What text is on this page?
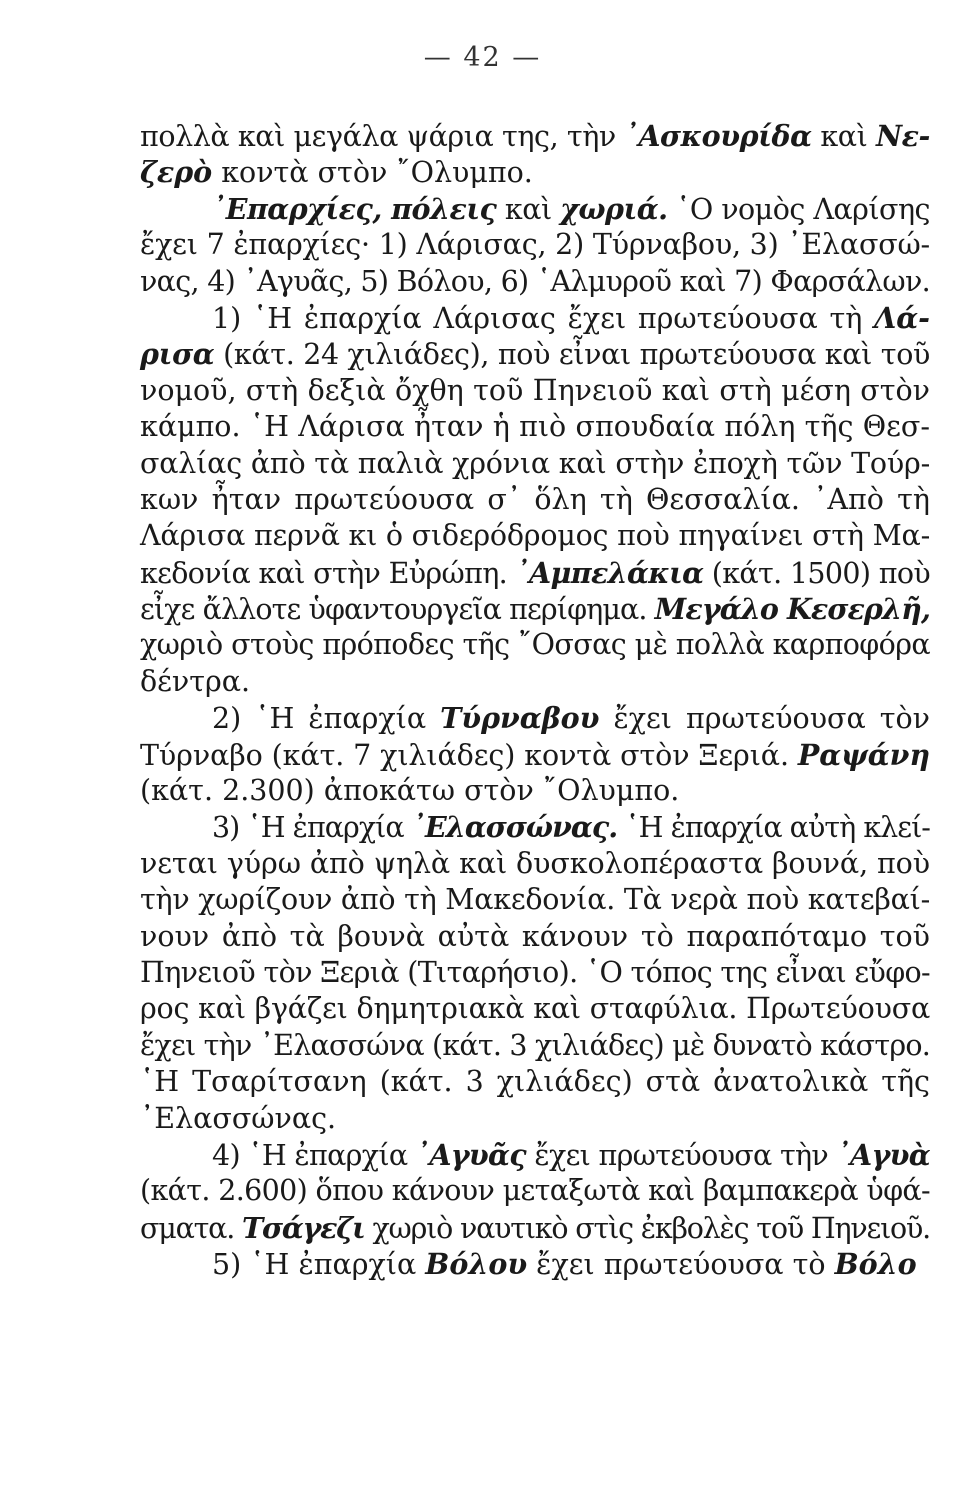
— 42 —
πολλὰ καὶ μεγάλα ψάρια της, τὴν ᾿Ασκουρίδα καὶ Νε-
ζερὸ κοντὰ στὸν ῎Ολυμπο.
᾿Επαρχίες, πόλεις καὶ χωριά. ῾Ο νομὸς Λαρίσης
ἔχει 7 ἐπαρχίες· 1) Λάρισας, 2) Τύρναβου, 3) ᾿Ελασσώ-
νας, 4) ᾿Αγυᾶς, 5) Βόλου, 6) ῾Αλμυροῦ καὶ 7) Φαρσάλων.
1) ῾Η ἐπαρχία Λάρισας ἔχει πρωτεύουσα τὴ Λά-
ρισα (κάτ. 24 χιλιάδες), ποὺ εἶναι πρωτεύουσα καὶ τοῦ
νομοῦ, στὴ δεξιὰ ὄχθη τοῦ Πηνειοῦ καὶ στὴ μέση στὸν
κάμπο. ῾Η Λάρισα ἦταν ἡ πιὸ σπουδαία πόλη τῆς Θεσ-
σαλίας ἀπὸ τὰ παλιὰ χρόνια καὶ στὴν ἐποχὴ τῶν Τούρ-
κων ἦταν πρωτεύουσα σ᾿ ὅλη τὴ Θεσσαλία. ᾿Απὸ τὴ
Λάρισα περνᾶ κι ὁ σιδερόδρομος ποὺ πηγαίνει στὴ Μα-
κεδονία καὶ στὴν Εὐρώπη. ᾿Αμπελάκια (κάτ. 1500) ποὺ
εἶχε ἄλλοτε ὑφαντουργεῖα περίφημα. Μεγάλο Κεσερλῆ,
χωριὸ στοὺς πρόποδες τῆς ῎Οσσας μὲ πολλὰ καρποφόρα
δέντρα.
2) ῾Η ἐπαρχία Τύρναβου ἔχει πρωτεύουσα τὸν
Τύρναβο (κάτ. 7 χιλιάδες) κοντὰ στὸν Ξεριά. Ραψάνη
(κάτ. 2.300) ἀποκάτω στὸν ῎Ολυμπο.
3) ῾Η ἐπαρχία ᾿Ελασσώνας. ῾Η ἐπαρχία αὐτὴ κλεί-
νεται γύρω ἀπὸ ψηλὰ καὶ δυσκολοπέραστα βουνά, ποὺ
τὴν χωρίζουν ἀπὸ τὴ Μακεδονία. Τὰ νερὰ ποὺ κατεβαί-
νουν ἀπὸ τὰ βουνὰ αὐτὰ κάνουν τὸ παραπόταμο τοῦ
Πηνειοῦ τὸν Ξεριὰ (Τιταρήσιο). ῾Ο τόπος της εἶναι εὔφο-
ρος καὶ βγάζει δημητριακὰ καὶ σταφύλια. Πρωτεύουσα
ἔχει τὴν ᾿Ελασσώνα (κάτ. 3 χιλιάδες) μὲ δυνατὸ κάστρο.
῾Η Τσαρίτσανη (κάτ. 3 χιλιάδες) στὰ ἀνατολικὰ τῆς
᾿Ελασσώνας.
4) ῾Η ἐπαρχία ᾿Αγυᾶς ἔχει πρωτεύουσα τὴν ᾿Αγυὰ
(κάτ. 2.600) ὅπου κάνουν μεταξωτὰ καὶ βαμπακερὰ ὑφά-
σματα. Τσάγεζι χωριὸ ναυτικὸ στὶς ἐκβολὲς τοῦ Πηνειοῦ.
5) ῾Η ἐπαρχία Βόλου ἔχει πρωτεύουσα τὸ Βόλο
